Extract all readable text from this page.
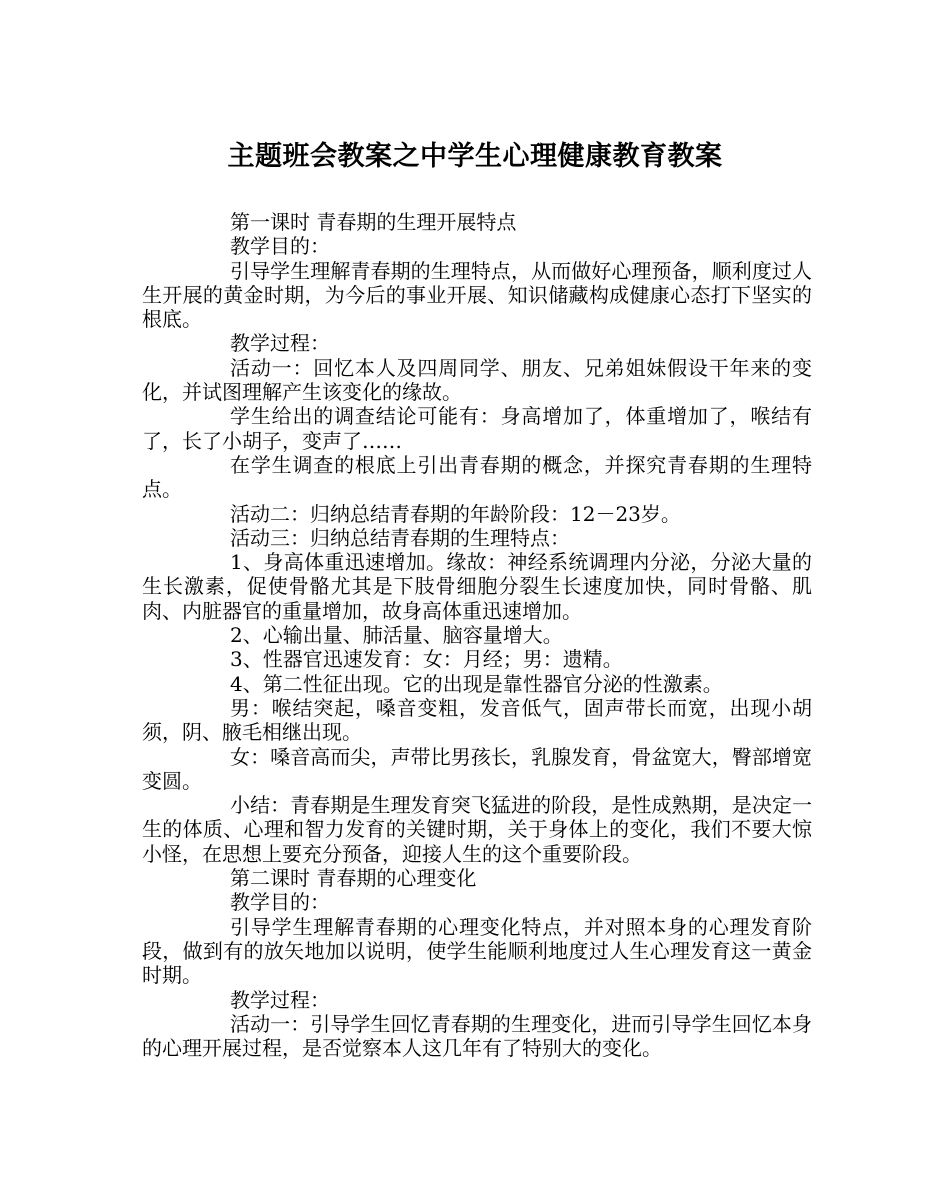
主题班会教案之中学生心理健康教育教案

第一课时 青春期的生理开展特点

教学目的：

引导学生理解青春期的生理特点，从而做好心理预备，顺利度过人生开展的黄金时期，为今后的事业开展、知识储藏构成健康心态打下坚实的根底。

教学过程：

活动一：回忆本人及四周同学、朋友、兄弟姐妹假设干年来的变化，并试图理解产生该变化的缘故。

学生给出的调查结论可能有：身高增加了，体重增加了，喉结有了，长了小胡子，变声了……

在学生调查的根底上引出青春期的概念，并探究青春期的生理特点。

活动二：归纳总结青春期的年龄阶段：12－23岁。

活动三：归纳总结青春期的生理特点：

1、身高体重迅速增加。缘故：神经系统调理内分泌，分泌大量的生长激素，促使骨骼尤其是下肢骨细胞分裂生长速度加快，同时骨骼、肌肉、内脏器官的重量增加，故身高体重迅速增加。

2、心输出量、肺活量、脑容量增大。

3、性器官迅速发育：女：月经；男：遗精。

4、第二性征出现。它的出现是靠性器官分泌的性激素。

男：喉结突起，嗓音变粗，发音低气，固声带长而宽，出现小胡须，阴、腋毛相继出现。

女：嗓音高而尖，声带比男孩长，乳腺发育，骨盆宽大，臀部增宽变圆。

小结：青春期是生理发育突飞猛进的阶段，是性成熟期，是决定一生的体质、心理和智力发育的关键时期，关于身体上的变化，我们不要大惊小怪，在思想上要充分预备，迎接人生的这个重要阶段。

第二课时 青春期的心理变化

教学目的：

引导学生理解青春期的心理变化特点，并对照本身的心理发育阶段，做到有的放矢地加以说明，使学生能顺利地度过人生心理发育这一黄金时期。

教学过程：

活动一：引导学生回忆青春期的生理变化，进而引导学生回忆本身的心理开展过程，是否觉察本人这几年有了特别大的变化。
